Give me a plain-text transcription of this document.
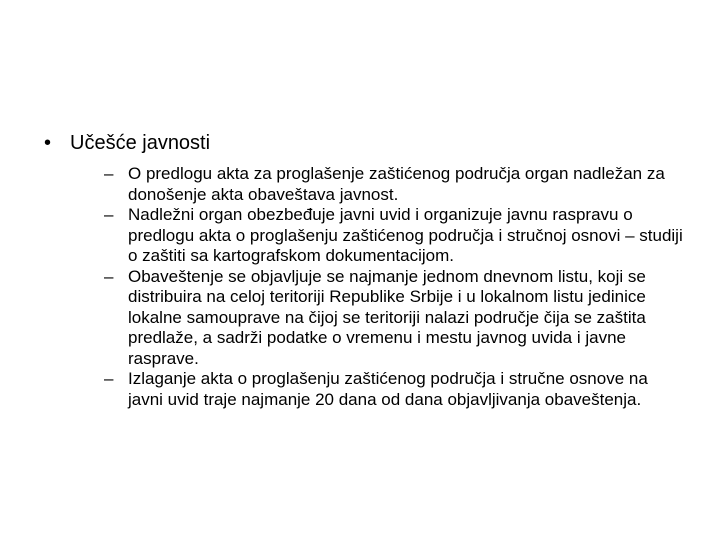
• Učešće javnosti
– O predlogu akta za proglašenje zaštićenog područja organ nadležan za donošenje akta obaveštava javnost.
– Nadležni organ obezbeđuje javni uvid i organizuje javnu raspravu o predlogu akta o proglašenju zaštićenog područja i stručnoj osnovi – studiji o zaštiti sa kartografskom dokumentacijom.
– Obaveštenje se objavljuje se najmanje jednom dnevnom listu, koji se distribuira na celoj teritoriji Republike Srbije i u lokalnom listu jedinice lokalne samouprave na čijoj se teritoriji nalazi područje čija se zaštita predlaže, a sadrži podatke o vremenu i mestu javnog uvida i javne rasprave.
– Izlaganje akta o proglašenju zaštićenog područja i stručne osnove na javni uvid traje najmanje 20 dana od dana objavljivanja obaveštenja.
